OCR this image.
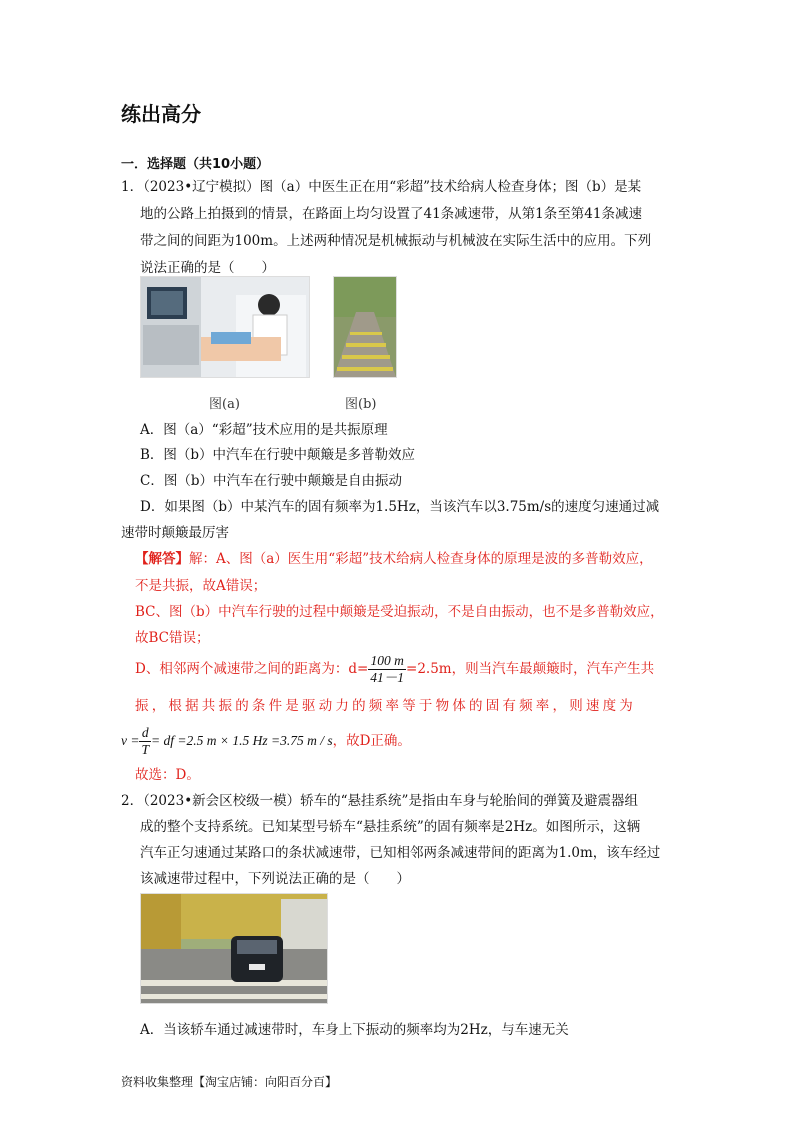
练出高分
一．选择题（共10小题）
1．（2023•辽宁模拟）图（a）中医生正在用“彩超”技术给病人检查身体；图（b）是某
地的公路上拍摄到的情景，在路面上均匀设置了41条减速带，从第1条至第41条减速
带之间的间距为100m。上述两种情况是机械振动与机械波在实际生活中的应用。下列
说法正确的是（　　）
图(a)	图(b)
A．图（a）“彩超”技术应用的是共振原理
B．图（b）中汽车在行驶中颠簸是多普勒效应
C．图（b）中汽车在行驶中颠簸是自由振动
D．如果图（b）中某汽车的固有频率为1.5Hz，当该汽车以3.75m/s的速度匀速通过减
速带时颠簸最厉害
【解答】解：A、图（a）医生用“彩超”技术给病人检查身体的原理是波的多普勒效应，
不是共振，故A错误；
BC、图（b）中汽车行驶的过程中颠簸是受迫振动，不是自由振动，也不是多普勒效应，
故BC错误；
D、相邻两个减速带之间的距离为：$d= \frac{100 m}{41-1} =2.5m$，则当汽车最颠簸时，汽车产生共
振，根据共振的条件是驱动力的频率等于物体的固有频率，则速度为
$v = \frac{d}{T}$ = df =2.5 m × 1.5 Hz =3.75 m / s，故D正确。
故选：D。
2．（2023•新会区校级一模）轿车的“悬挂系统”是指由车身与轮胎间的弹簧及避震器组
成的整个支持系统。已知某型号轿车“悬挂系统”的固有频率是2Hz。如图所示，这辆
汽车正匀速通过某路口的条状减速带，已知相邻两条减速带间的距离为1.0m，该车经过
该减速带过程中，下列说法正确的是（　　）
A．当该轿车通过减速带时，车身上下振动的频率均为2Hz，与车速无关
资料收集整理【淘宝店铺：向阳百分百】
